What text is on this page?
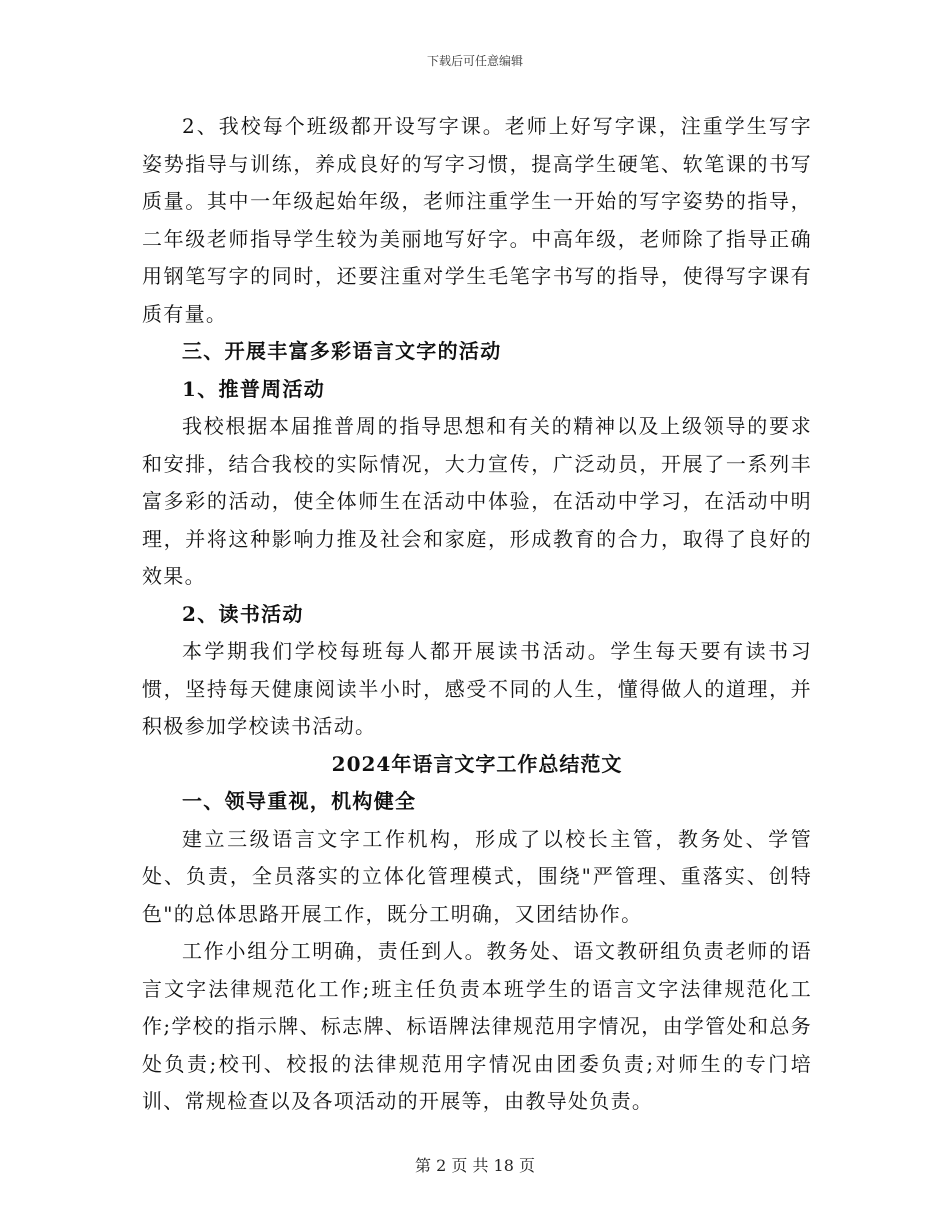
下载后可任意编辑

2、我校每个班级都开设写字课。老师上好写字课，注重学生写字姿势指导与训练，养成良好的写字习惯，提高学生硬笔、软笔课的书写质量。其中一年级起始年级，老师注重学生一开始的写字姿势的指导，二年级老师指导学生较为美丽地写好字。中高年级，老师除了指导正确用钢笔写字的同时，还要注重对学生毛笔字书写的指导，使得写字课有质有量。

三、开展丰富多彩语言文字的活动

1、推普周活动

我校根据本届推普周的指导思想和有关的精神以及上级领导的要求和安排，结合我校的实际情况，大力宣传，广泛动员，开展了一系列丰富多彩的活动，使全体师生在活动中体验，在活动中学习，在活动中明理，并将这种影响力推及社会和家庭，形成教育的合力，取得了良好的效果。

2、读书活动

本学期我们学校每班每人都开展读书活动。学生每天要有读书习惯，坚持每天健康阅读半小时，感受不同的人生，懂得做人的道理，并积极参加学校读书活动。

2024年语言文字工作总结范文

一、领导重视，机构健全

建立三级语言文字工作机构，形成了以校长主管，教务处、学管处、负责，全员落实的立体化管理模式，围绕"严管理、重落实、创特色"的总体思路开展工作，既分工明确，又团结协作。

工作小组分工明确，责任到人。教务处、语文教研组负责老师的语言文字法律规范化工作;班主任负责本班学生的语言文字法律规范化工作;学校的指示牌、标志牌、标语牌法律规范用字情况，由学管处和总务处负责;校刊、校报的法律规范用字情况由团委负责;对师生的专门培训、常规检查以及各项活动的开展等，由教导处负责。

第 2 页 共 18 页
